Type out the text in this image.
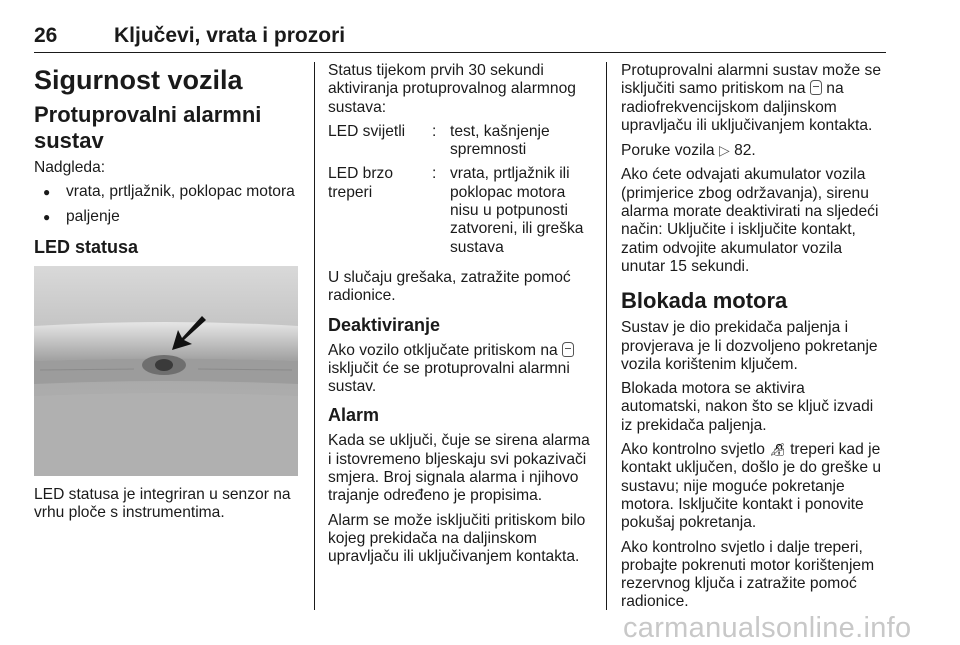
26	Ključevi, vrata i prozori
Sigurnost vozila
Protuprovalni alarmni sustav

Nadgleda:

● vrata, prtljažnik, poklopac motora
● paljenje
LED statusa

LED statusa je integriran u senzor na vrhu ploče s instrumentima.

Status tijekom prvih 30 sekundi aktiviranja protuprovalnog alarmnog sustava:

LED svijetli	: test, kašnjenje spremnosti
LED brzo treperi
: vrata, prtljažnik ili poklopac motora nisu u potpunosti zatvoreni, ili greška sustava

U slučaju grešaka, zatražite pomoć radionice.

Deaktiviranje

Ako vozilo otključate pritiskom na  isključit će se protuprovalni alarmni sustav.

Alarm

Kada se uključi, čuje se sirena alarma i istovremeno bljeskaju svi pokazivači smjera. Broj signala alarma i njihovo trajanje određeno je propisima.

Alarm se može isključiti pritiskom bilo kojeg prekidača na daljinskom upravljaču ili uključivanjem kontakta.

Protuprovalni alarmni sustav može se isključiti samo pritiskom na na radiofrekvencijskom daljinskom upravljaču ili uključivanjem kontakta.

Poruke vozila ▷ 82.

Ako ćete odvajati akumulator vozila (primjerice zbog održavanja), sirenu alarma morate deaktivirati na sljedeći način: Uključite i isključite kontakt, zatim odvojite akumulator vozila unutar 15 sekundi.

Blokada motora

Sustav je dio prekidača paljenja i provjerava je li dozvoljeno pokretanje vozila korištenim ključem.

Blokada motora se aktivira automatski, nakon što se ključ izvadi iz prekidača paljenja.

Ako kontrolno svjetlo 🔏︎ treperi kad je kontakt uključen, došlo je do greške u sustavu; nije moguće pokretanje motora. Isključite kontakt i ponovite pokušaj pokretanja.

Ako kontrolno svjetlo i dalje treperi, probajte pokrenuti motor korištenjem rezervnog ključa i zatražite pomoć radionice.

carmanualsonline.info
